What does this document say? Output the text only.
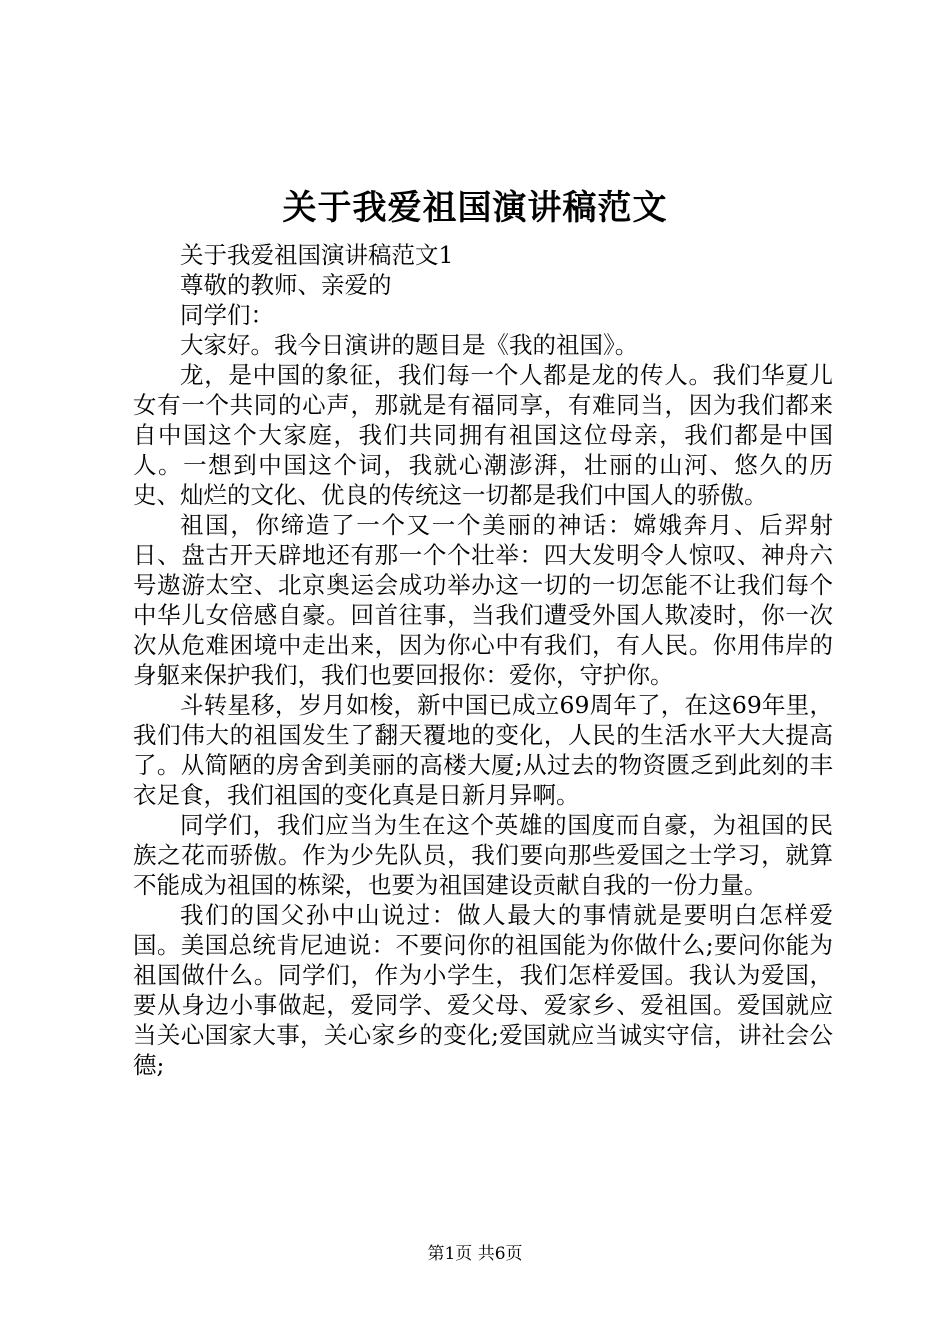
关于我爱祖国演讲稿范文

关于我爱祖国演讲稿范文1

尊敬的教师、亲爱的

同学们：

大家好。我今日演讲的题目是《我的祖国》。

龙，是中国的象征，我们每一个人都是龙的传人。我们华夏儿女有一个共同的心声，那就是有福同享，有难同当，因为我们都来自中国这个大家庭，我们共同拥有祖国这位母亲，我们都是中国人。一想到中国这个词，我就心潮澎湃，壮丽的山河、悠久的历史、灿烂的文化、优良的传统这一切都是我们中国人的骄傲。

祖国，你缔造了一个又一个美丽的神话：嫦娥奔月、后羿射日、盘古开天辟地还有那一个个壮举：四大发明令人惊叹、神舟六号遨游太空、北京奥运会成功举办这一切的一切怎能不让我们每个中华儿女倍感自豪。回首往事，当我们遭受外国人欺凌时，你一次次从危难困境中走出来，因为你心中有我们，有人民。你用伟岸的身躯来保护我们，我们也要回报你：爱你，守护你。

斗转星移，岁月如梭，新中国已成立69周年了，在这69年里，我们伟大的祖国发生了翻天覆地的变化，人民的生活水平大大提高了。从简陋的房舍到美丽的高楼大厦;从过去的物资匮乏到此刻的丰衣足食，我们祖国的变化真是日新月异啊。

同学们，我们应当为生在这个英雄的国度而自豪，为祖国的民族之花而骄傲。作为少先队员，我们要向那些爱国之士学习，就算不能成为祖国的栋梁，也要为祖国建设贡献自我的一份力量。

我们的国父孙中山说过：做人最大的事情就是要明白怎样爱国。美国总统肯尼迪说：不要问你的祖国能为你做什么;要问你能为祖国做什么。同学们，作为小学生，我们怎样爱国。我认为爱国，要从身边小事做起，爱同学、爱父母、爱家乡、爱祖国。爱国就应当关心国家大事，关心家乡的变化;爱国就应当诚实守信，讲社会公德;

第1页 共6页
